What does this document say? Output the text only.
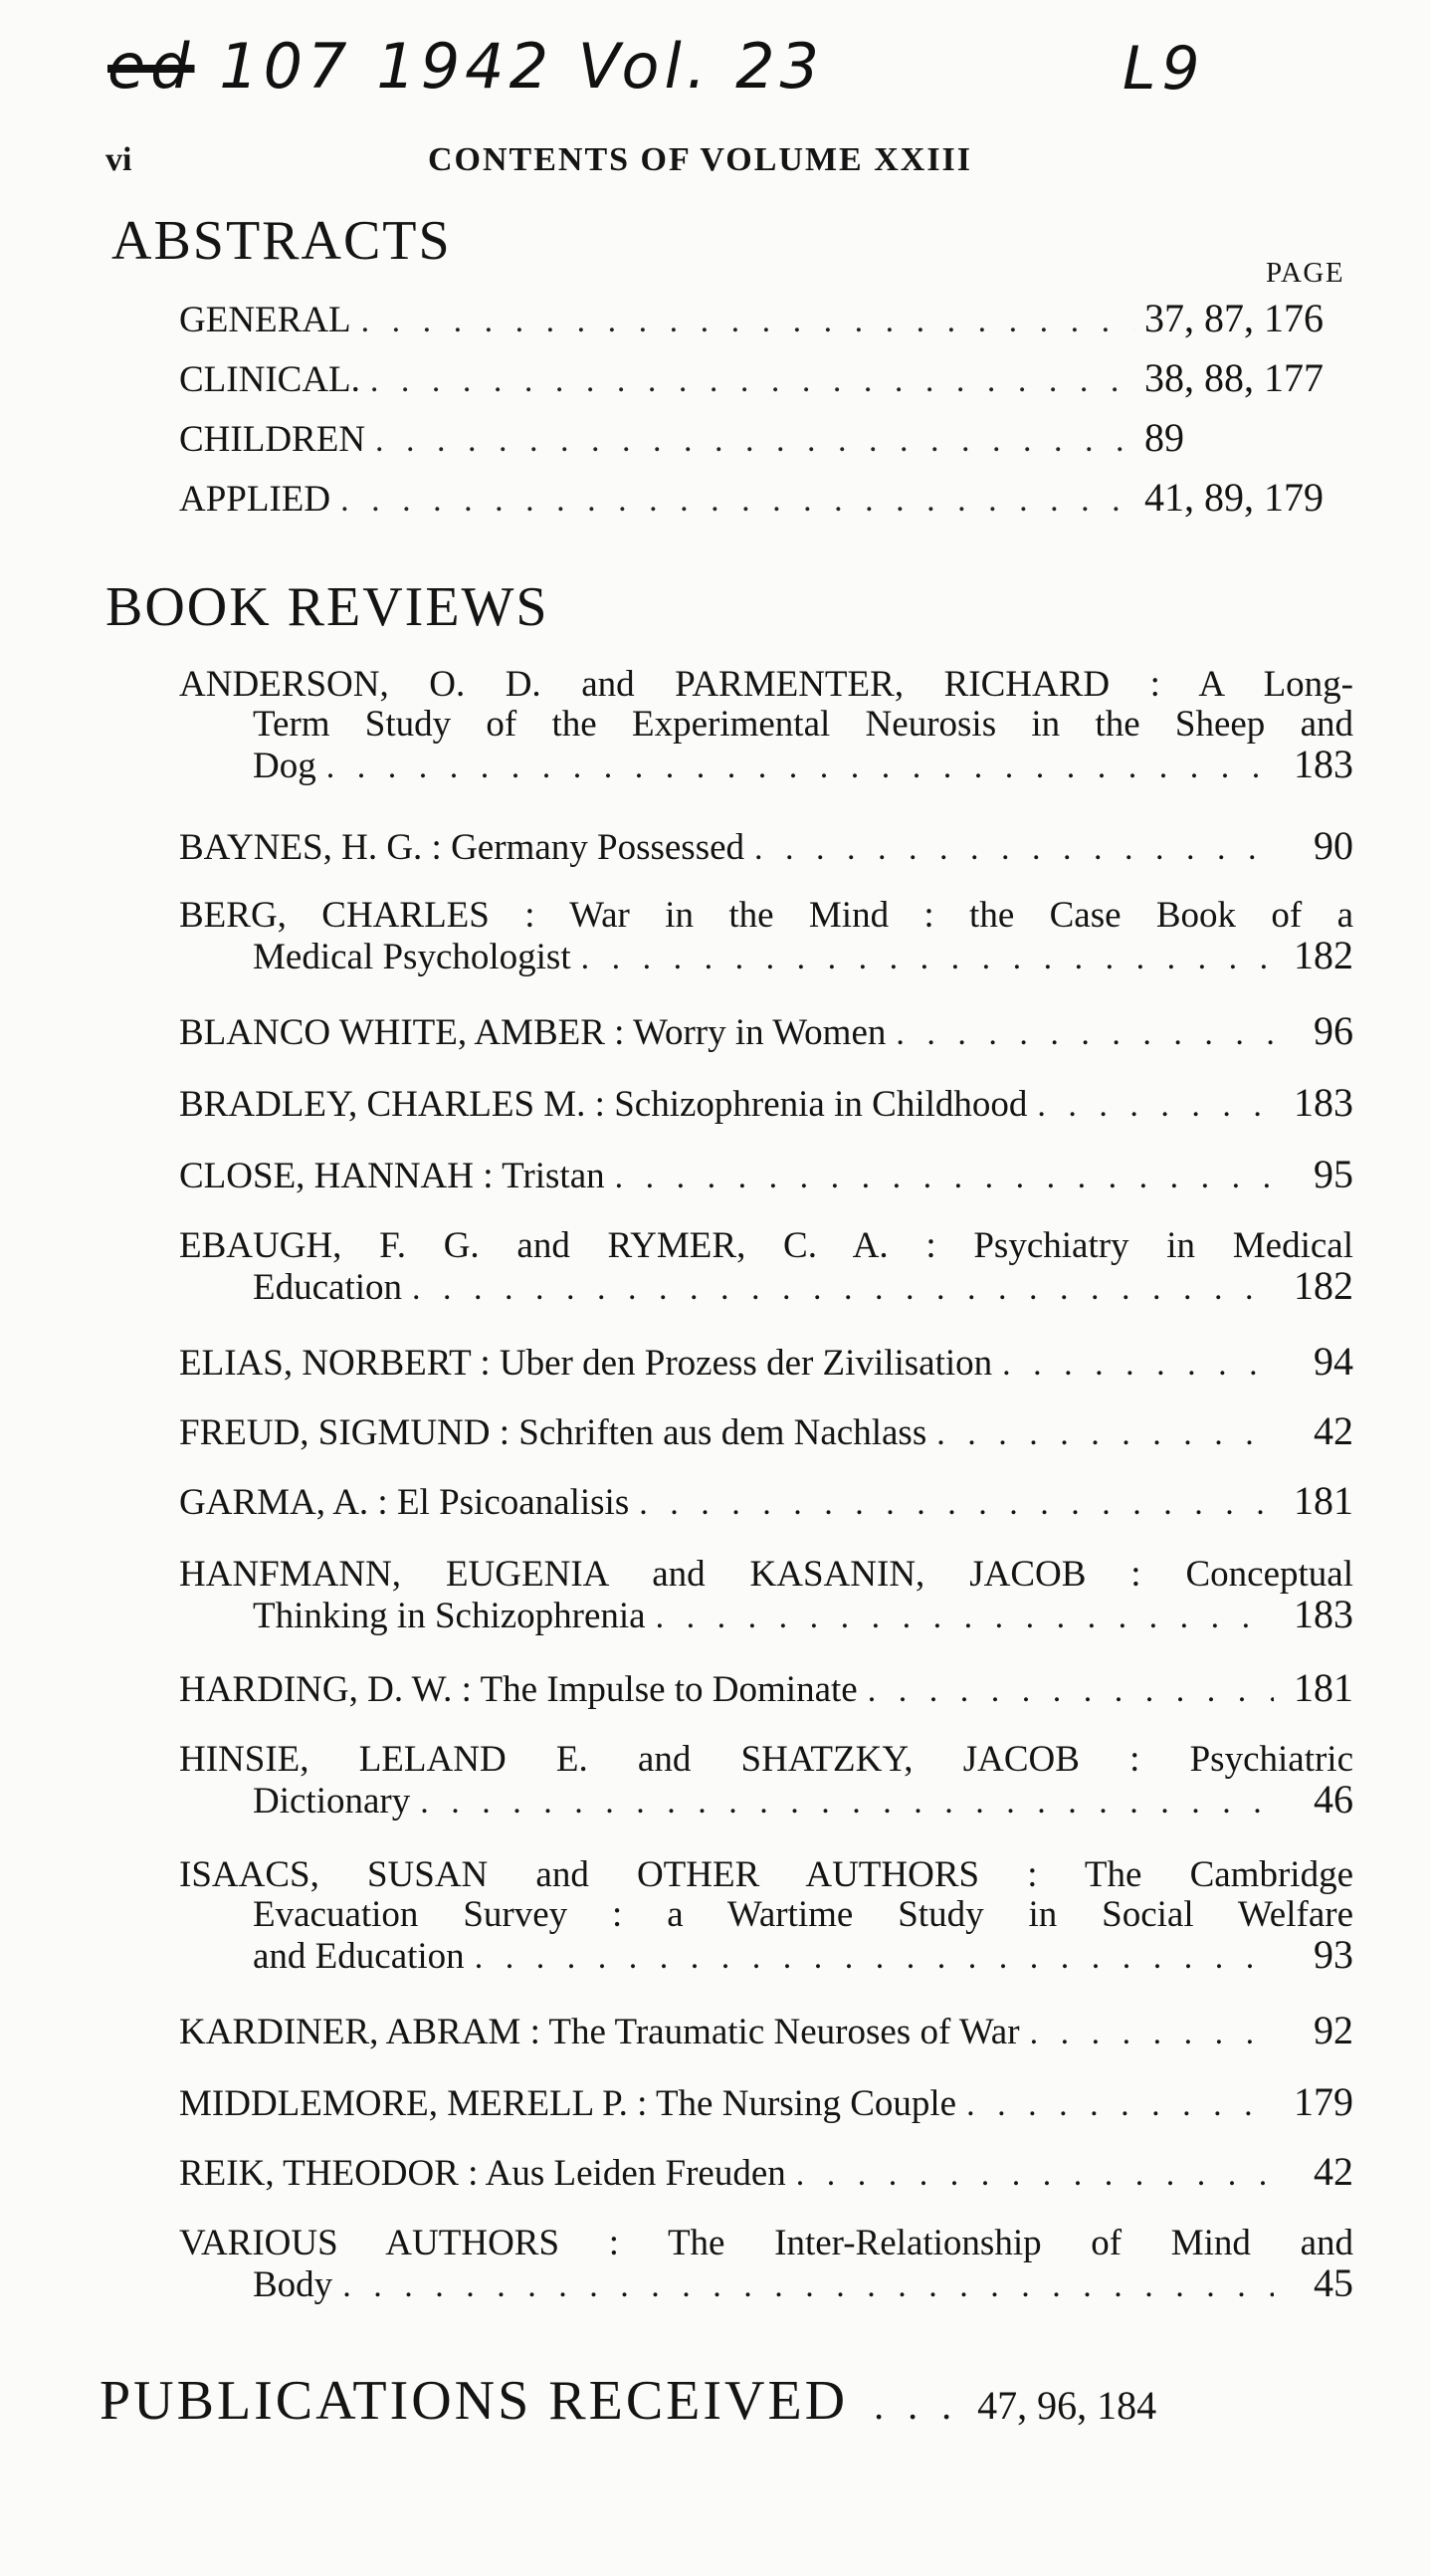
ed 107 1942 Vol. 23	L9
vi	CONTENTS OF VOLUME XXIII
ABSTRACTS
PAGE
GENERAL . . .	37, 87, 176
CLINICAL. . . .	38, 88, 177
CHILDREN . . .	89
APPLIED . . .	41, 89, 179
BOOK REVIEWS
ANDERSON, O. D. and PARMENTER, RICHARD : A Long-
Term Study of the Experimental Neurosis in the Sheep and
Dog . . .	183
BAYNES, H. G. : Germany Possessed . . .	90
BERG, CHARLES : War in the Mind : the Case Book of a
Medical Psychologist . . .	182
BLANCO WHITE, AMBER : Worry in Women . . .	96
BRADLEY, CHARLES M. : Schizophrenia in Childhood . . .	183
CLOSE, HANNAH : Tristan . . .	95
EBAUGH, F. G. and RYMER, C. A. : Psychiatry in Medical
Education . . .	182
ELIAS, NORBERT : Uber den Prozess der Zivilisation . . .	94
FREUD, SIGMUND : Schriften aus dem Nachlass . . .	42
GARMA, A. : El Psicoanalisis . . .	181
HANFMANN, EUGENIA and KASANIN, JACOB : Conceptual
Thinking in Schizophrenia . . .	183
HARDING, D. W. : The Impulse to Dominate . . .	181
HINSIE, LELAND E. and SHATZKY, JACOB : Psychiatric
Dictionary . . .	46
ISAACS, SUSAN and OTHER AUTHORS : The Cambridge
Evacuation Survey : a Wartime Study in Social Welfare
and Education . . .	93
KARDINER, ABRAM : The Traumatic Neuroses of War . . .	92
MIDDLEMORE, MERELL P. : The Nursing Couple . . .	179
REIK, THEODOR : Aus Leiden Freuden . . .	42
VARIOUS AUTHORS : The Inter-Relationship of Mind and
Body . . .	45
PUBLICATIONS RECEIVED . . . 47, 96, 184
